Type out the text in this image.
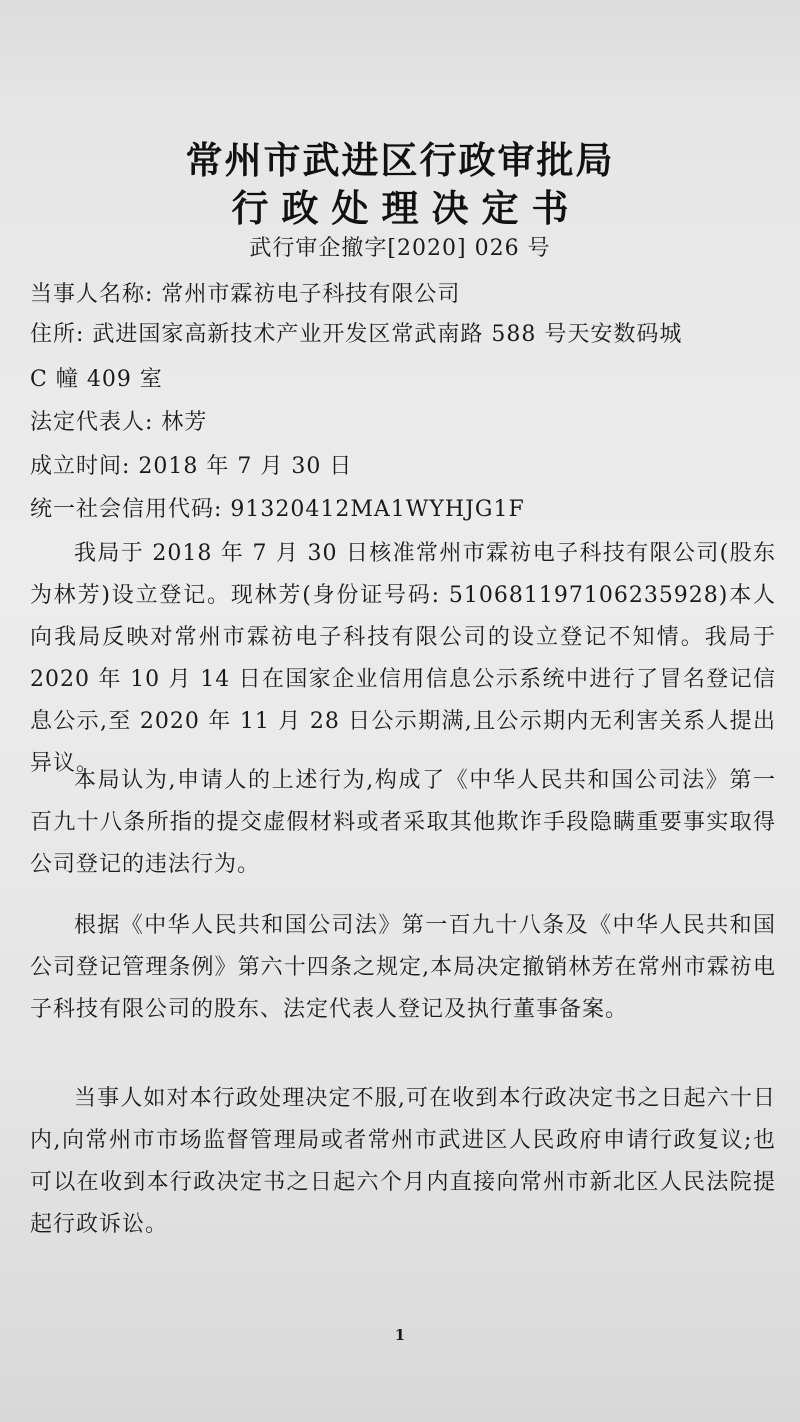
常州市武进区行政审批局
行政处理决定书
武行审企撤字[2020] 026 号
当事人名称: 常州市霖祊电子科技有限公司
住所: 武进国家高新技术产业开发区常武南路 588 号天安数码城
C 幢 409 室
法定代表人: 林芳
成立时间: 2018 年 7 月 30 日
统一社会信用代码: 91320412MA1WYHJG1F
我局于 2018 年 7 月 30 日核准常州市霖祊电子科技有限公司(股东为林芳)设立登记。现林芳(身份证号码: 510681197106235928)本人向我局反映对常州市霖祊电子科技有限公司的设立登记不知情。我局于 2020 年 10 月 14 日在国家企业信用信息公示系统中进行了冒名登记信息公示,至 2020 年 11 月 28 日公示期满,且公示期内无利害关系人提出异议。
本局认为,申请人的上述行为,构成了《中华人民共和国公司法》第一百九十八条所指的提交虚假材料或者采取其他欺诈手段隐瞒重要事实取得公司登记的违法行为。
根据《中华人民共和国公司法》第一百九十八条及《中华人民共和国公司登记管理条例》第六十四条之规定,本局决定撤销林芳在常州市霖祊电子科技有限公司的股东、法定代表人登记及执行董事备案。
当事人如对本行政处理决定不服,可在收到本行政决定书之日起六十日内,向常州市市场监督管理局或者常州市武进区人民政府申请行政复议;也可以在收到本行政决定书之日起六个月内直接向常州市新北区人民法院提起行政诉讼。
1
